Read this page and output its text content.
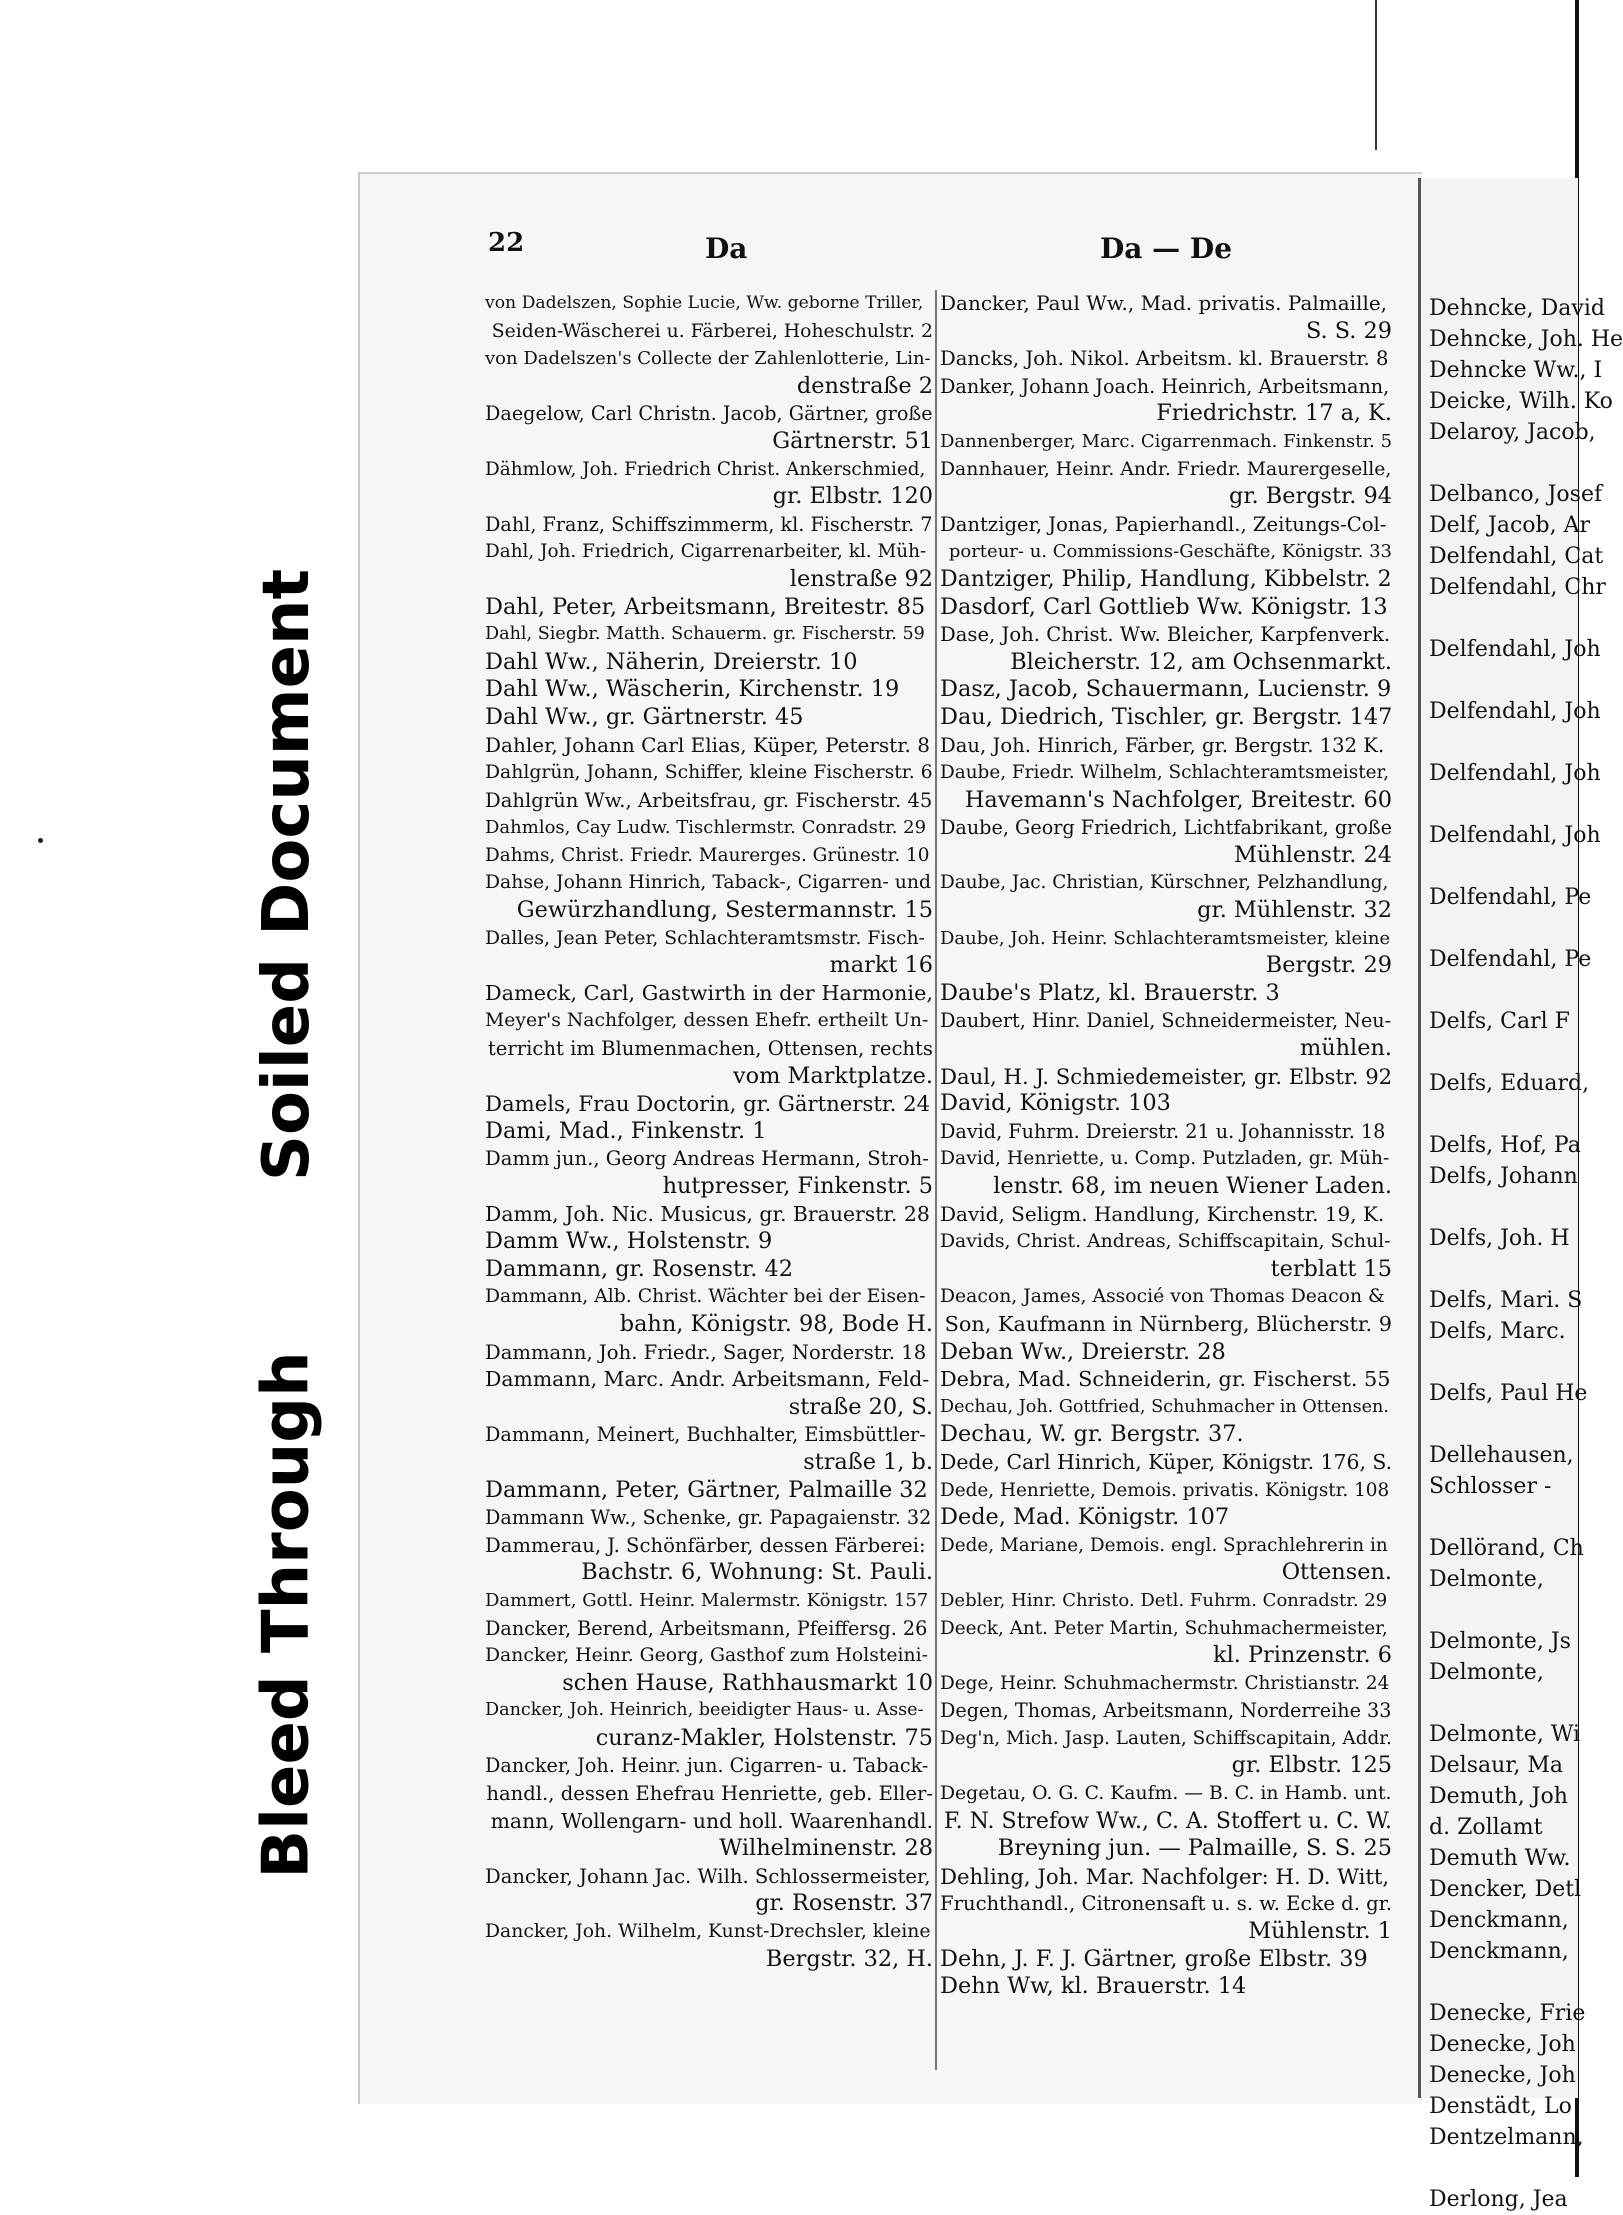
Soiled Document
Bleed Through
Dehncke, David
Dehncke, Joh. He
Dehncke Ww., I
Deicke, Wilh. Ko
Delaroy, Jacob,
Delbanco, Josef
Delf, Jacob, Ar
Delfendahl, Cat
Delfendahl, Chr
Delfendahl, Joh
Delfendahl, Joh
Delfendahl, Joh
Delfendahl, Joh
Delfendahl, Pe
Delfendahl, Pe
Delfs, Carl F
Delfs, Eduard,
Delfs, Hof, Pa
Delfs, Johann
Delfs, Joh. H
Delfs, Mari. S
Delfs, Marc.
Delfs, Paul He
Dellehausen,
Schlosser -
Dellörand, Ch
Delmonte,
Delmonte, Js
Delmonte,
Delmonte, Wi
Delsaur, Ma
Demuth, Joh
d. Zollamt
Demuth Ww.
Dencker, Detl
Denckmann,
Denckmann,
Denecke, Frie
Denecke, Joh
Denecke, Joh
Denstädt, Lo
Dentzelmann,
Derlong, Jea
22	Da	Da — De
von Dadelszen, Sophie Lucie, Ww. geborne Triller,
Seiden-Wäscherei u. Färberei, Hoheschulstr. 2
von Dadelszen's Collecte der Zahlenlotterie, Lin-
denstraße 2
Daegelow, Carl Christn. Jacob, Gärtner, große
Gärtnerstr. 51
Dähmlow, Joh. Friedrich Christ. Ankerschmied,
gr. Elbstr. 120
Dahl, Franz, Schiffszimmerm, kl. Fischerstr. 7
Dahl, Joh. Friedrich, Cigarrenarbeiter, kl. Müh-
lenstraße 92
Dahl, Peter, Arbeitsmann, Breitestr. 85
Dahl, Siegbr. Matth. Schauerm. gr. Fischerstr. 59
Dahl Ww., Näherin, Dreierstr. 10
Dahl Ww., Wäscherin, Kirchenstr. 19
Dahl Ww., gr. Gärtnerstr. 45
Dahler, Johann Carl Elias, Küper, Peterstr. 8
Dahlgrün, Johann, Schiffer, kleine Fischerstr. 6
Dahlgrün Ww., Arbeitsfrau, gr. Fischerstr. 45
Dahmlos, Cay Ludw. Tischlermstr. Conradstr. 29
Dahms, Christ. Friedr. Maurerges. Grünestr. 10
Dahse, Johann Hinrich, Taback-, Cigarren- und
Gewürzhandlung, Sestermannstr. 15
Dalles, Jean Peter, Schlachteramtsmstr. Fisch-
markt 16
Dameck, Carl, Gastwirth in der Harmonie,
Meyer's Nachfolger, dessen Ehefr. ertheilt Un-
terricht im Blumenmachen, Ottensen, rechts
vom Marktplatze.
Damels, Frau Doctorin, gr. Gärtnerstr. 24
Dami, Mad., Finkenstr. 1
Damm jun., Georg Andreas Hermann, Stroh-
hutpresser, Finkenstr. 5
Damm, Joh. Nic. Musicus, gr. Brauerstr. 28
Damm Ww., Holstenstr. 9
Dammann, gr. Rosenstr. 42
Dammann, Alb. Christ. Wächter bei der Eisen-
bahn, Königstr. 98, Bode H.
Dammann, Joh. Friedr., Sager, Norderstr. 18
Dammann, Marc. Andr. Arbeitsmann, Feld-
straße 20, S.
Dammann, Meinert, Buchhalter, Eimsbüttler-
straße 1, b.
Dammann, Peter, Gärtner, Palmaille 32
Dammann Ww., Schenke, gr. Papagaienstr. 32
Dammerau, J. Schönfärber, dessen Färberei:
Bachstr. 6, Wohnung: St. Pauli.
Dammert, Gottl. Heinr. Malermstr. Königstr. 157
Dancker, Berend, Arbeitsmann, Pfeiffersg. 26
Dancker, Heinr. Georg, Gasthof zum Holsteini-
schen Hause, Rathhausmarkt 10
Dancker, Joh. Heinrich, beeidigter Haus- u. Asse-
curanz-Makler, Holstenstr. 75
Dancker, Joh. Heinr. jun. Cigarren- u. Taback-
handl., dessen Ehefrau Henriette, geb. Eller-
mann, Wollengarn- und holl. Waarenhandl.
Wilhelminenstr. 28
Dancker, Johann Jac. Wilh. Schlossermeister,
gr. Rosenstr. 37
Dancker, Joh. Wilhelm, Kunst-Drechsler, kleine
Bergstr. 32, H.
Dancker, Paul Ww., Mad. privatis. Palmaille,
S. S. 29
Dancks, Joh. Nikol. Arbeitsm. kl. Brauerstr. 8
Danker, Johann Joach. Heinrich, Arbeitsmann,
Friedrichstr. 17 a, K.
Dannenberger, Marc. Cigarrenmach. Finkenstr. 5
Dannhauer, Heinr. Andr. Friedr. Maurergeselle,
gr. Bergstr. 94
Dantziger, Jonas, Papierhandl., Zeitungs-Col-
porteur- u. Commissions-Geschäfte, Königstr. 33
Dantziger, Philip, Handlung, Kibbelstr. 2
Dasdorf, Carl Gottlieb Ww. Königstr. 13
Dase, Joh. Christ. Ww. Bleicher, Karpfenverk.
Bleicherstr. 12, am Ochsenmarkt.
Dasz, Jacob, Schauermann, Lucienstr. 9
Dau, Diedrich, Tischler, gr. Bergstr. 147
Dau, Joh. Hinrich, Färber, gr. Bergstr. 132 K.
Daube, Friedr. Wilhelm, Schlachteramtsmeister,
Havemann's Nachfolger, Breitestr. 60
Daube, Georg Friedrich, Lichtfabrikant, große
Mühlenstr. 24
Daube, Jac. Christian, Kürschner, Pelzhandlung,
gr. Mühlenstr. 32
Daube, Joh. Heinr. Schlachteramtsmeister, kleine
Bergstr. 29
Daube's Platz, kl. Brauerstr. 3
Daubert, Hinr. Daniel, Schneidermeister, Neu-
mühlen.
Daul, H. J. Schmiedemeister, gr. Elbstr. 92
David, Königstr. 103
David, Fuhrm. Dreierstr. 21 u. Johannisstr. 18
David, Henriette, u. Comp. Putzladen, gr. Müh-
lenstr. 68, im neuen Wiener Laden.
David, Seligm. Handlung, Kirchenstr. 19, K.
Davids, Christ. Andreas, Schiffscapitain, Schul-
terblatt 15
Deacon, James, Associé von Thomas Deacon &
Son, Kaufmann in Nürnberg, Blücherstr. 9
Deban Ww., Dreierstr. 28
Debra, Mad. Schneiderin, gr. Fischerst. 55
Dechau, Joh. Gottfried, Schuhmacher in Ottensen.
Dechau, W. gr. Bergstr. 37.
Dede, Carl Hinrich, Küper, Königstr. 176, S.
Dede, Henriette, Demois. privatis. Königstr. 108
Dede, Mad. Königstr. 107
Dede, Mariane, Demois. engl. Sprachlehrerin in
Ottensen.
Debler, Hinr. Christo. Detl. Fuhrm. Conradstr. 29
Deeck, Ant. Peter Martin, Schuhmachermeister,
kl. Prinzenstr. 6
Dege, Heinr. Schuhmachermstr. Christianstr. 24
Degen, Thomas, Arbeitsmann, Norderreihe 33
Deg'n, Mich. Jasp. Lauten, Schiffscapitain, Addr.
gr. Elbstr. 125
Degetau, O. G. C. Kaufm. — B. C. in Hamb. unt.
F. N. Strefow Ww., C. A. Stoffert u. C. W.
Breyning jun. — Palmaille, S. S. 25
Dehling, Joh. Mar. Nachfolger: H. D. Witt,
Fruchthandl., Citronensaft u. s. w. Ecke d. gr.
Mühlenstr. 1
Dehn, J. F. J. Gärtner, große Elbstr. 39
Dehn Ww, kl. Brauerstr. 14
